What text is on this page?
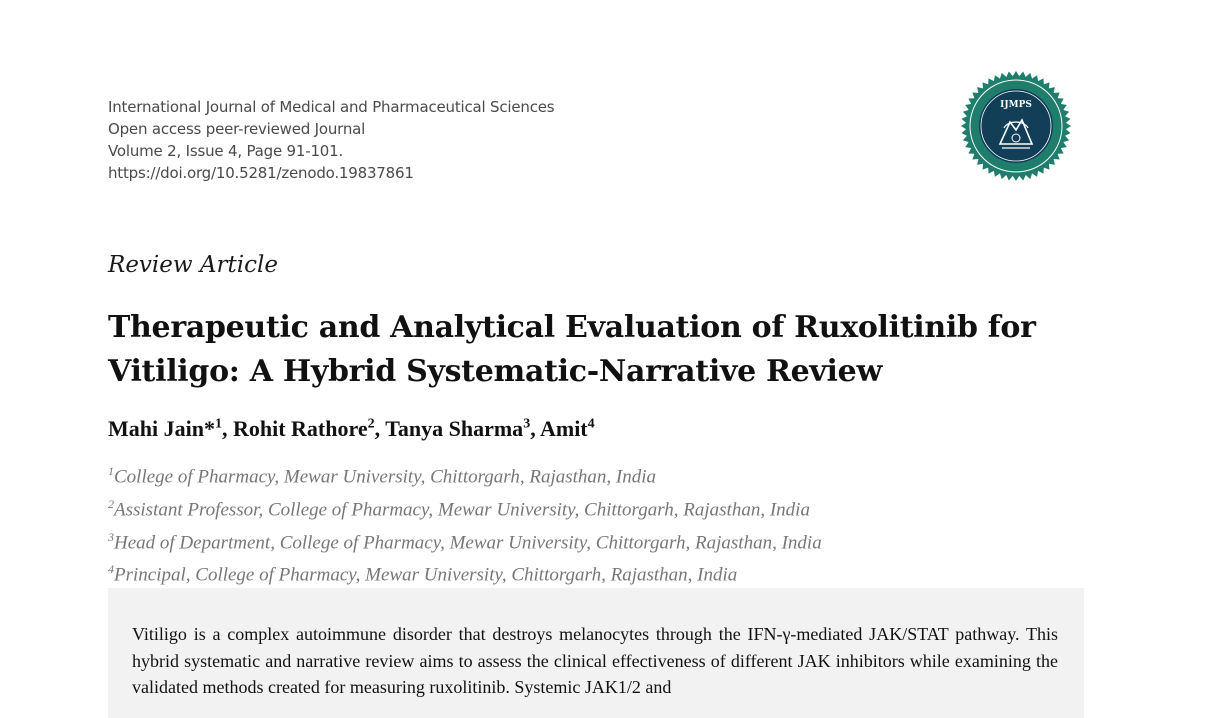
International Journal of Medical and Pharmaceutical Sciences
Open access peer-reviewed Journal
Volume 2, Issue 4, Page 91-101.
https://doi.org/10.5281/zenodo.19837861
IJMPS
Review Article
Therapeutic and Analytical Evaluation of Ruxolitinib for Vitiligo: A Hybrid Systematic-Narrative Review
Mahi Jain*$^1$, Rohit Rathore$^2$, Tanya Sharma$^3$, Amit$^4$
$^1$College of Pharmacy, Mewar University, Chittorgarh, Rajasthan, India
$^2$Assistant Professor, College of Pharmacy, Mewar University, Chittorgarh, Rajasthan, India
$^3$Head of Department, College of Pharmacy, Mewar University, Chittorgarh, Rajasthan, India
$^4$Principal, College of Pharmacy, Mewar University, Chittorgarh, Rajasthan, India

Vitiligo is a complex autoimmune disorder that destroys melanocytes through the IFN-γ-mediated JAK/STAT pathway. This hybrid systematic and narrative review aims to assess the clinical effectiveness of different JAK inhibitors while examining the validated methods created for measuring ruxolitinib. Systemic JAK1/2 and
